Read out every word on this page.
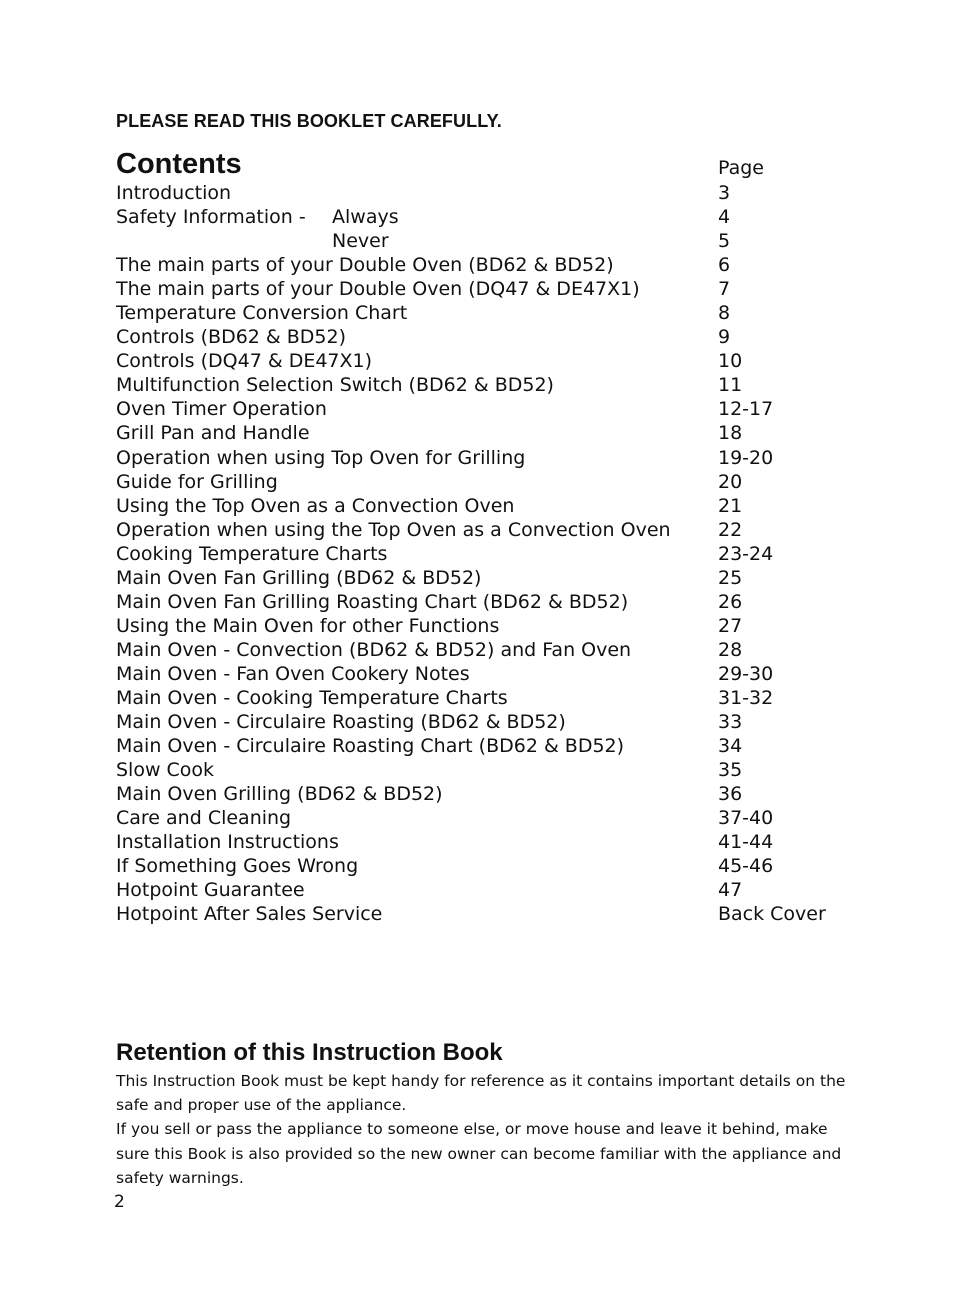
PLEASE READ THIS BOOKLET CAREFULLY.
Contents	Page
Introduction	3
Safety Information - Always	4
Never	5
The main parts of your Double Oven (BD62 & BD52)	6
The main parts of your Double Oven (DQ47 & DE47X1)	7
Temperature Conversion Chart	8
Controls (BD62 & BD52)	9
Controls (DQ47 & DE47X1)	10
Multifunction Selection Switch (BD62 & BD52)	11
Oven Timer Operation	12-17
Grill Pan and Handle	18
Operation when using Top Oven for Grilling	19-20
Guide for Grilling	20
Using the Top Oven as a Convection Oven	21
Operation when using the Top Oven as a Convection Oven 22
Cooking Temperature Charts	23-24
Main Oven Fan Grilling (BD62 & BD52)	25
Main Oven Fan Grilling Roasting Chart (BD62 & BD52)	26
Using the Main Oven for other Functions	27
Main Oven - Convection (BD62 & BD52) and Fan Oven	28
Main Oven - Fan Oven Cookery Notes	29-30
Main Oven - Cooking Temperature Charts	31-32
Main Oven - Circulaire Roasting (BD62 & BD52)	33
Main Oven - Circulaire Roasting Chart (BD62 & BD52)	34
Slow Cook	35
Main Oven Grilling (BD62 & BD52)	36
Care and Cleaning	37-40
Installation Instructions	41-44
If Something Goes Wrong	45-46
Hotpoint Guarantee	47
Hotpoint After Sales Service	Back Cover
Retention of this Instruction Book

This Instruction Book must be kept handy for reference as it contains important details on the safe and proper use of the appliance.

If you sell or pass the appliance to someone else, or move house and leave it behind, make sure this Book is also provided so the new owner can become familiar with the appliance and safety warnings.

2
